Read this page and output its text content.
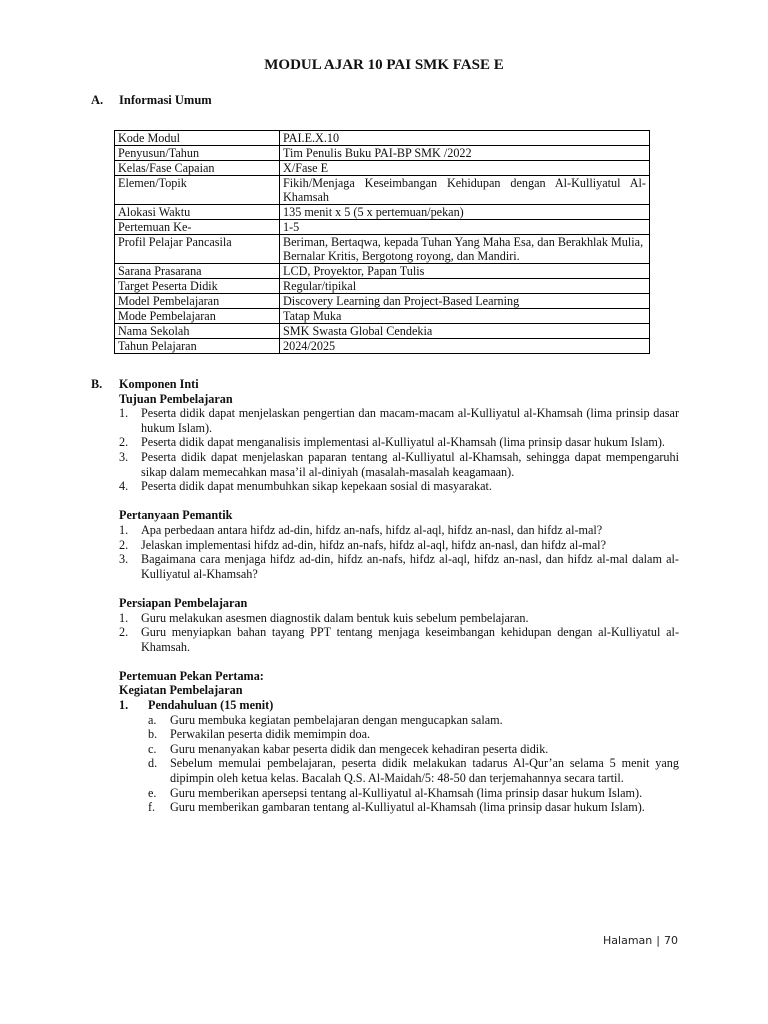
MODUL AJAR 10 PAI SMK FASE E
A. Informasi Umum
Kode Modul	PAI.E.X.10
Penyusun/Tahun	Tim Penulis Buku PAI-BP SMK /2022
Kelas/Fase Capaian	X/Fase E
Elemen/Topik	Fikih/Menjaga Keseimbangan Kehidupan dengan Al-Kulliyatul Al-Khamsah
Alokasi Waktu	135 menit x 5 (5 x pertemuan/pekan)
Pertemuan Ke-	1-5
Profil Pelajar Pancasila	Beriman, Bertaqwa, kepada Tuhan Yang Maha Esa, dan Berakhlak Mulia, Bernalar Kritis, Bergotong royong, dan Mandiri.
Sarana Prasarana	LCD, Proyektor, Papan Tulis
Target Peserta Didik	Regular/tipikal
Model Pembelajaran	Discovery Learning dan Project-Based Learning
Mode Pembelajaran	Tatap Muka
Nama Sekolah	SMK Swasta Global Cendekia
Tahun Pelajaran	2024/2025
B. Komponen Inti
Tujuan Pembelajaran
1.	Peserta didik dapat menjelaskan pengertian dan macam-macam al-Kulliyatul al-Khamsah (lima prinsip dasar hukum Islam).
2.	Peserta didik dapat menganalisis implementasi al-Kulliyatul al-Khamsah (lima prinsip dasar hukum Islam).
3.	Peserta didik dapat menjelaskan paparan tentang al-Kulliyatul al-Khamsah, sehingga dapat mempengaruhi sikap dalam memecahkan masa’il al-diniyah (masalah-masalah keagamaan).
4.	Peserta didik dapat menumbuhkan sikap kepekaan sosial di masyarakat.
Pertanyaan Pemantik
1.	Apa perbedaan antara hifdz ad-din, hifdz an-nafs, hifdz al-aql, hifdz an-nasl, dan hifdz al-mal?
2.	Jelaskan implementasi hifdz ad-din, hifdz an-nafs, hifdz al-aql, hifdz an-nasl, dan hifdz al-mal?
3.	Bagaimana cara menjaga hifdz ad-din, hifdz an-nafs, hifdz al-aql, hifdz an-nasl, dan hifdz al-mal dalam al-Kulliyatul al-Khamsah?
Persiapan Pembelajaran
1.	Guru melakukan asesmen diagnostik dalam bentuk kuis sebelum pembelajaran.
2.	Guru menyiapkan bahan tayang PPT tentang menjaga keseimbangan kehidupan dengan al-Kulliyatul al-Khamsah.
Pertemuan Pekan Pertama:
Kegiatan Pembelajaran
1.	Pendahuluan (15 menit)
a.	Guru membuka kegiatan pembelajaran dengan mengucapkan salam.
b.	Perwakilan peserta didik memimpin doa.
c.	Guru menanyakan kabar peserta didik dan mengecek kehadiran peserta didik.
d.	Sebelum memulai pembelajaran, peserta didik melakukan tadarus Al-Qur’an selama 5 menit yang dipimpin oleh ketua kelas. Bacalah Q.S. Al-Maidah/5: 48-50 dan terjemahannya secara tartil.
e.	Guru memberikan apersepsi tentang al-Kulliyatul al-Khamsah (lima prinsip dasar hukum Islam).
f.	Guru memberikan gambaran tentang al-Kulliyatul al-Khamsah (lima prinsip dasar hukum Islam).
Halaman | 70
